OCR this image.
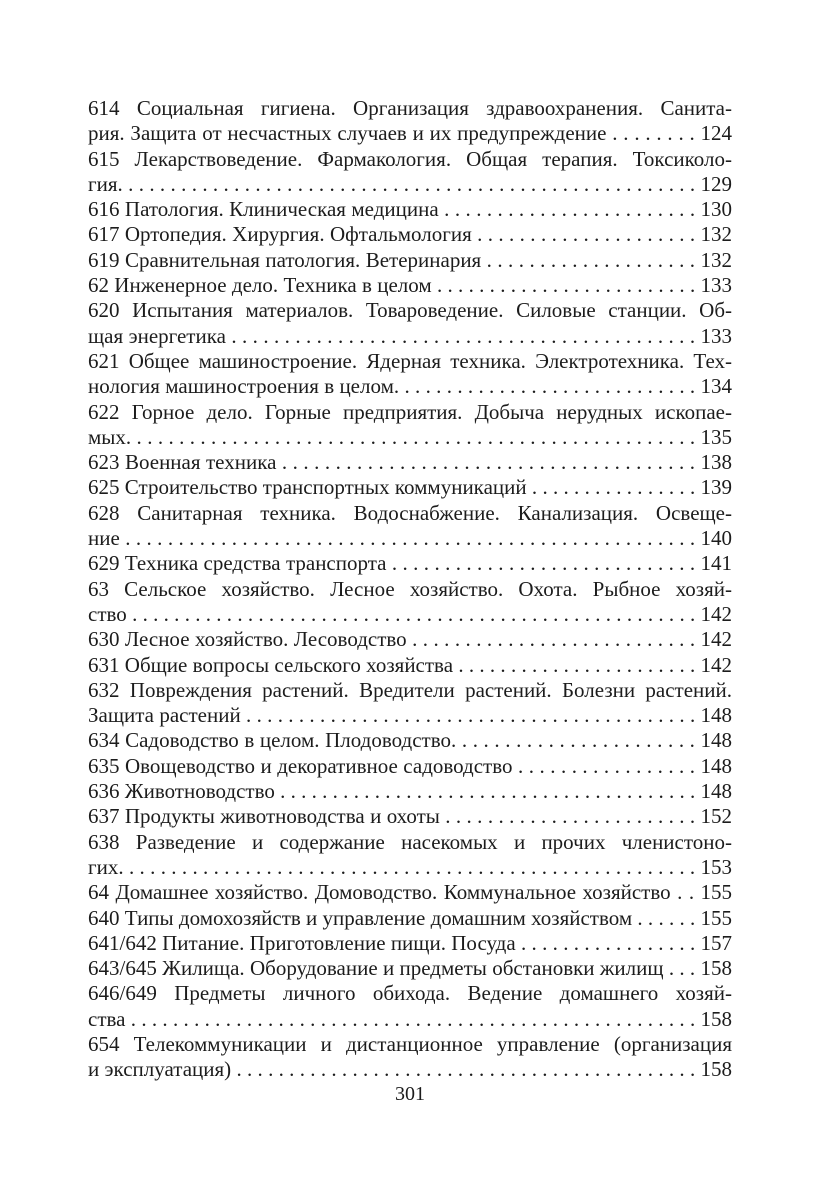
614 Социальная гигиена. Организация здравоохранения. Санита-
рия. Защита от несчастных случаев и их предупреждение . . . . . . . . 124
615 Лекарствоведение. Фармакология. Общая терапия. Токсиколо-
гия. . . . . . . . . . . . . . . . . . . . . . . . . . . . . . . . . . . . . . . . . . . . . . . . . . . . . . . 129
616 Патология. Клиническая медицина . . . . . . . . . . . . . . . . . . . . . . . . 130
617 Ортопедия. Хирургия. Офтальмология . . . . . . . . . . . . . . . . . . . . . 132
619 Сравнительная патология. Ветеринария . . . . . . . . . . . . . . . . . . . . 132
62 Инженерное дело. Техника в целом . . . . . . . . . . . . . . . . . . . . . . . . . 133
620 Испытания материалов. Товароведение. Силовые станции. Об-
щая энергетика . . . . . . . . . . . . . . . . . . . . . . . . . . . . . . . . . . . . . . . . . . . . 133
621 Общее машиностроение. Ядерная техника. Электротехника. Тех-
нология машиностроения в целом. . . . . . . . . . . . . . . . . . . . . . . . . . . . . 134
622 Горное дело. Горные предприятия. Добыча нерудных ископае-
мых. . . . . . . . . . . . . . . . . . . . . . . . . . . . . . . . . . . . . . . . . . . . . . . . . . . . . . 135
623 Военная техника . . . . . . . . . . . . . . . . . . . . . . . . . . . . . . . . . . . . . . . 138
625 Строительство транспортных коммуникаций . . . . . . . . . . . . . . . . 139
628 Санитарная техника. Водоснабжение. Канализация. Освеще-
ние . . . . . . . . . . . . . . . . . . . . . . . . . . . . . . . . . . . . . . . . . . . . . . . . . . . . . . 140
629 Техника средства транспорта . . . . . . . . . . . . . . . . . . . . . . . . . . . . . 141
63 Сельское хозяйство. Лесное хозяйство. Охота. Рыбное хозяй-
ство . . . . . . . . . . . . . . . . . . . . . . . . . . . . . . . . . . . . . . . . . . . . . . . . . . . . . . 142
630 Лесное хозяйство. Лесоводство . . . . . . . . . . . . . . . . . . . . . . . . . . . 142
631 Общие вопросы сельского хозяйства . . . . . . . . . . . . . . . . . . . . . . . 142
632 Повреждения растений. Вредители растений. Болезни растений.
Защита растений . . . . . . . . . . . . . . . . . . . . . . . . . . . . . . . . . . . . . . . . . . . 148
634 Садоводство в целом. Плодоводство. . . . . . . . . . . . . . . . . . . . . . . 148
635 Овощеводство и декоративное садоводство . . . . . . . . . . . . . . . . . 148
636 Животноводство . . . . . . . . . . . . . . . . . . . . . . . . . . . . . . . . . . . . . . . . 148
637 Продукты животноводства и охоты . . . . . . . . . . . . . . . . . . . . . . . . 152
638 Разведение и содержание насекомых и прочих членистоно-
гих. . . . . . . . . . . . . . . . . . . . . . . . . . . . . . . . . . . . . . . . . . . . . . . . . . . . . . . 153
64 Домашнее хозяйство. Домоводство. Коммунальное хозяйство . . 155
640 Типы домохозяйств и управление домашним хозяйством . . . . . . 155
641/642 Питание. Приготовление пищи. Посуда . . . . . . . . . . . . . . . . . 157
643/645 Жилища. Оборудование и предметы обстановки жилищ . . . 158
646/649 Предметы личного обихода. Ведение домашнего хозяй-
ства . . . . . . . . . . . . . . . . . . . . . . . . . . . . . . . . . . . . . . . . . . . . . . . . . . . . . . 158
654 Телекоммуникации и дистанционное управление (организация
и эксплуатация) . . . . . . . . . . . . . . . . . . . . . . . . . . . . . . . . . . . . . . . . . . . . 158
301
